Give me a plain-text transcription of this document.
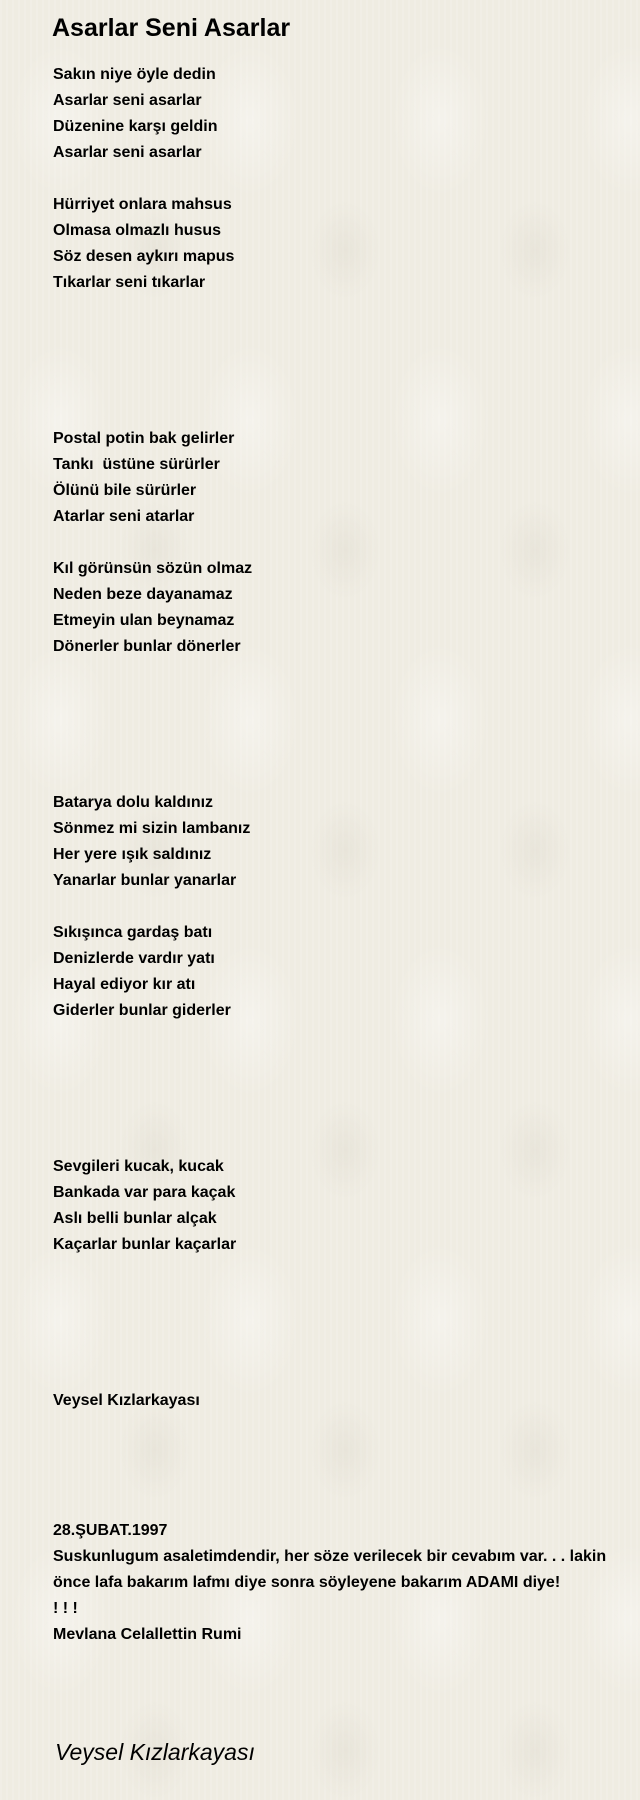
Asarlar Seni Asarlar
Sakın niye öyle dedin
Asarlar seni asarlar
Düzenine karşı geldin
Asarlar seni asarlar
Hürriyet onlara mahsus
Olmasa olmazlı husus
Söz desen aykırı mapus
Tıkarlar seni tıkarlar
Postal potin bak gelirler
Tankı  üstüne sürürler
Ölünü bile sürürler
Atarlar seni atarlar
Kıl görünsün sözün olmaz
Neden beze dayanamaz
Etmeyin ulan beynamaz
Dönerler bunlar dönerler
Batarya dolu kaldınız
Sönmez mi sizin lambanız
Her yere ışık saldınız
Yanarlar bunlar yanarlar
Sıkışınca gardaş batı
Denizlerde vardır yatı
Hayal ediyor kır atı
Giderler bunlar giderler
Sevgileri kucak, kucak
Bankada var para kaçak
Aslı belli bunlar alçak
Kaçarlar bunlar kaçarlar
Veysel Kızlarkayası
28.ŞUBAT.1997
Suskunlugum asaletimdendir, her söze verilecek bir cevabım var. . . lakin önce lafa bakarım lafmı diye sonra söyleyene bakarım ADAMI diye!
! ! !
Mevlana Celallettin Rumi
Veysel Kızlarkayası
